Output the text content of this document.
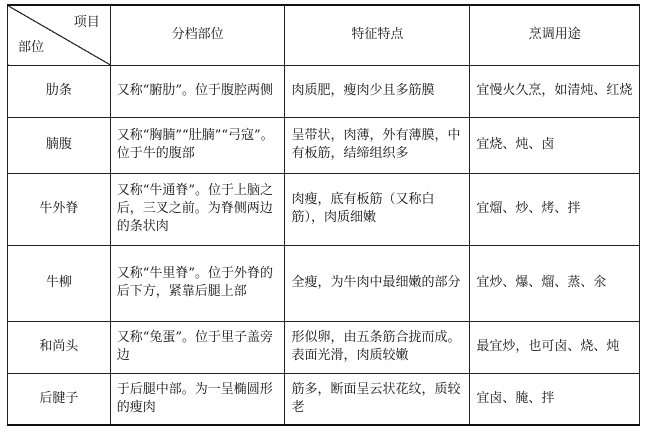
项目
部位	分档部位	特征特点	烹调用途
肋条	又称“腑肋”。位于腹腔两侧	肉质肥，瘦肉少且多筋膜	宜慢火久烹，如清炖、红烧
腩腹	又称“胸腩”“肚腩”“弓寇”。位于牛的腹部	呈带状，肉薄，外有薄膜，中有板筋，结缔组织多	宜烧、炖、卤
牛外脊	又称“牛通脊”。位于上脑之后，三叉之前。为脊侧两边的条状肉	肉瘦，底有板筋（又称白筋），肉质细嫩	宜熘、炒、烤、拌
牛柳	又称“牛里脊”。位于外脊的后下方，紧靠后腿上部	全瘦，为牛肉中最细嫩的部分	宜炒、爆、熘、蒸、氽
和尚头	又称“兔蛋”。位于里子盖旁边	形似卵，由五条筋合拢而成。表面光滑，肉质较嫩	最宜炒，也可卤、烧、炖
后腱子	于后腿中部。为一呈椭圆形的瘦肉	筋多，断面呈云状花纹，质较老	宜卤、腌、拌
